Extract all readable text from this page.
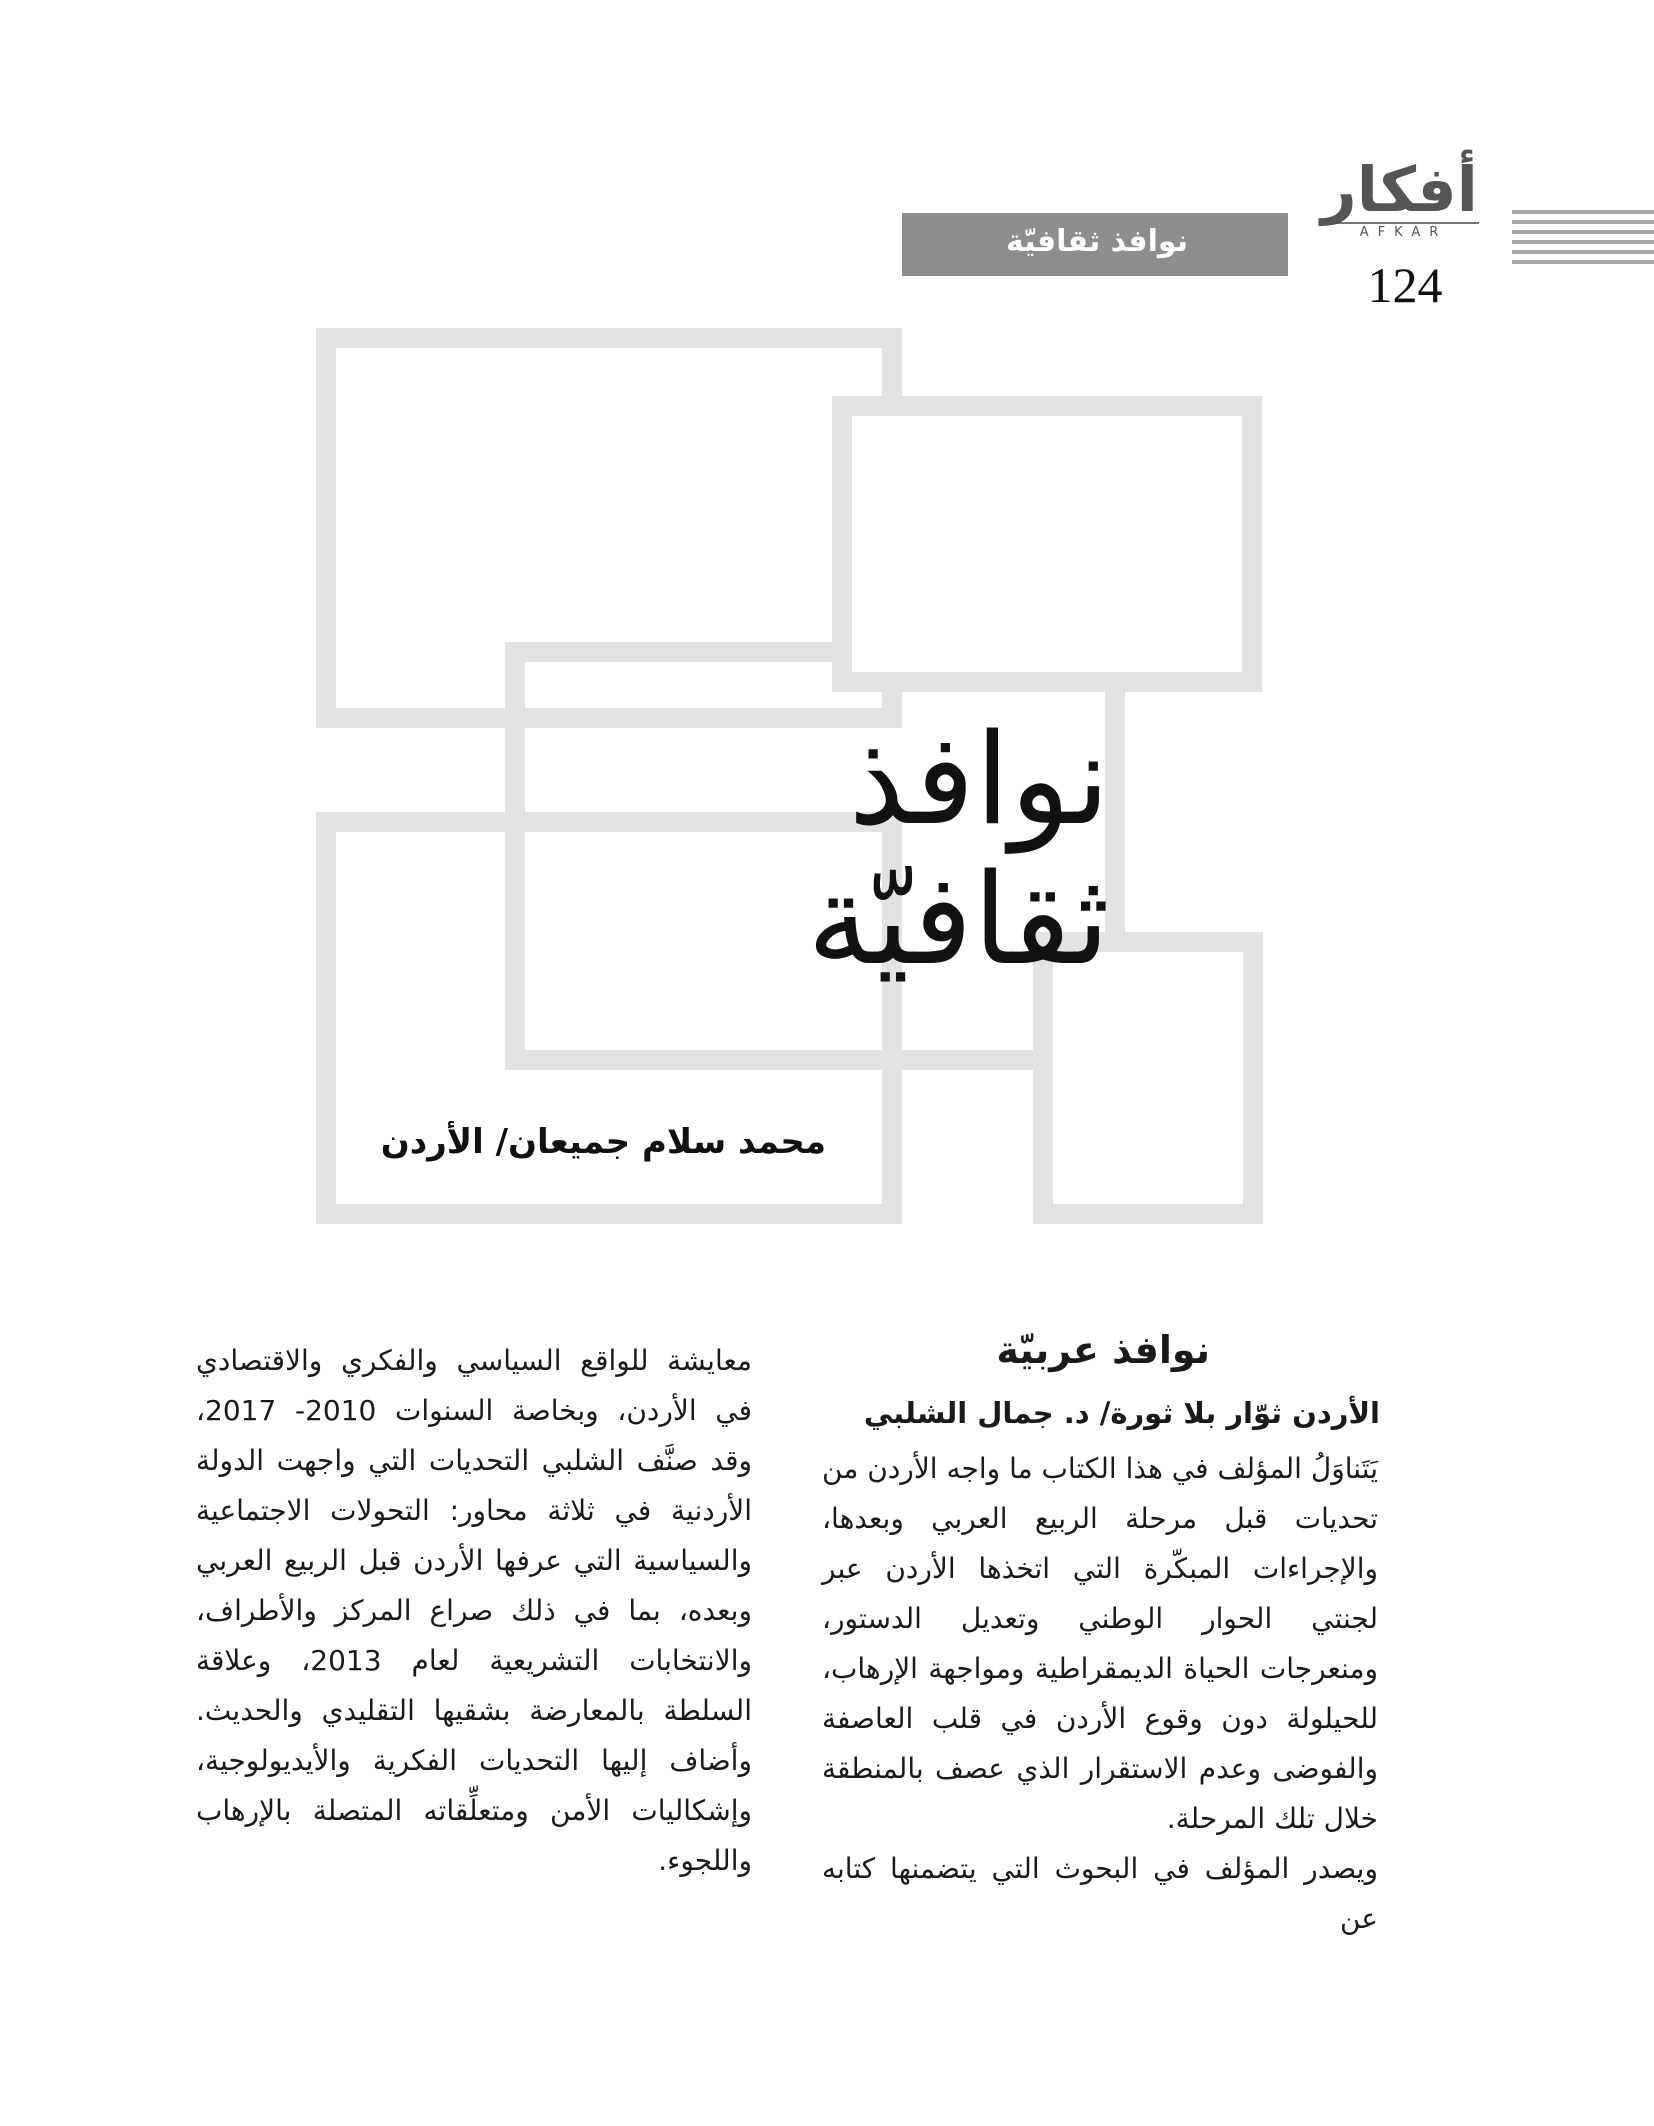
نوافذ ثقافيّة
أفكار
AFKAR
124
نوافذ
ثقافيّة
محمد سلام جميعان/ الأردن
نوافذ عربيّة
الأردن ثوّار بلا ثورة/ د. جمال الشلبي

يَتَناوَلُ المؤلف في هذا الكتاب ما واجه الأردن من تحديات قبل مرحلة الربيع العربي وبعدها، والإجراءات المبكّرة التي اتخذها الأردن عبر لجنتي الحوار الوطني وتعديل الدستور، ومنعرجات الحياة الديمقراطية ومواجهة الإرهاب، للحيلولة دون وقوع الأردن في قلب العاصفة والفوضى وعدم الاستقرار الذي عصف بالمنطقة خلال تلك المرحلة.

ويصدر المؤلف في البحوث التي يتضمنها كتابه عن

معايشة للواقع السياسي والفكري والاقتصادي في الأردن، وبخاصة السنوات 2010- 2017، وقد صنَّف الشلبي التحديات التي واجهت الدولة الأردنية في ثلاثة محاور: التحولات الاجتماعية والسياسية التي عرفها الأردن قبل الربيع العربي وبعده، بما في ذلك صراع المركز والأطراف، والانتخابات التشريعية لعام 2013، وعلاقة السلطة بالمعارضة بشقيها التقليدي والحديث. وأضاف إليها التحديات الفكرية والأيديولوجية، وإشكاليات الأمن ومتعلِّقاته المتصلة بالإرهاب واللجوء.
